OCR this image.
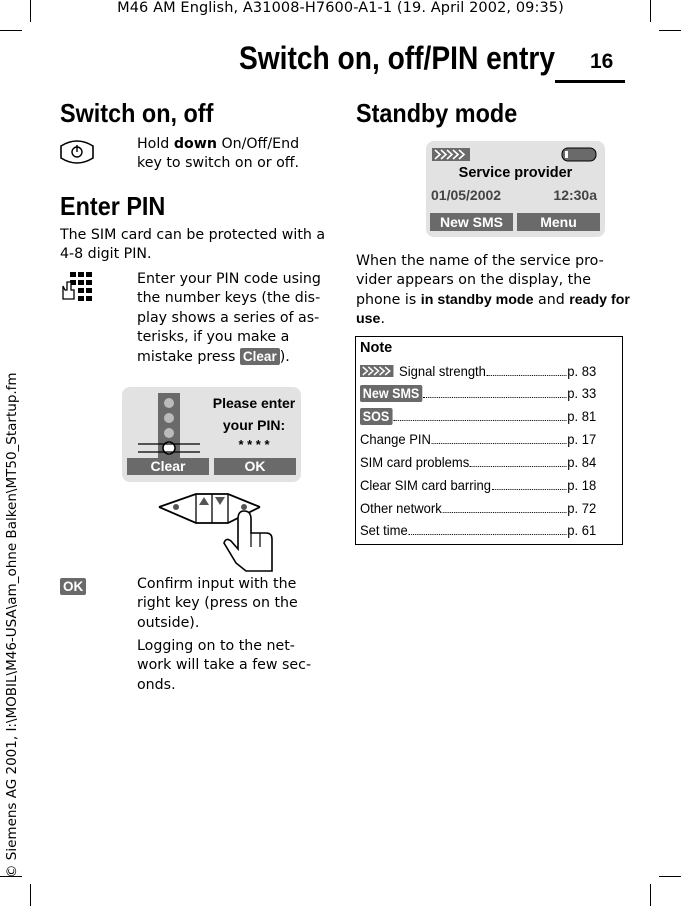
M46 AM English, A31008-H7600-A1-1 (19. April 2002, 09:35)
Switch on, off/PIN entry 16
© Siemens AG 2001, I:\MOBIL\M46-USA\am_ohne Balken\MT50_Startup.fm
Switch on, off
Hold down On/Off/End
key to switch on or off.
Enter PIN
The SIM card can be protected with a
4-8 digit PIN.
Enter your PIN code using
the number keys (the dis-
play shows a series of as-
terisks, if you make a
mistake press Clear ).
Please enter
your PIN:
* * * *
Clear	OK
OK	Confirm input with the
right key (press on the
outside).
Logging on to the net-
work will take a few sec-
onds.
Standby mode
Service provider
01/05/2002	12:30a
New SMS	Menu
When the name of the service pro-
vider appears on the display, the
phone is in standby mode and ready for
use.
Note
Signal strength	p. 83
New SMS	p. 33
SOS	p. 81
Change PIN	p. 17
SIM card problems	p. 84
Clear SIM card barring	p. 18
Other network	p. 72
Set time	p. 61
